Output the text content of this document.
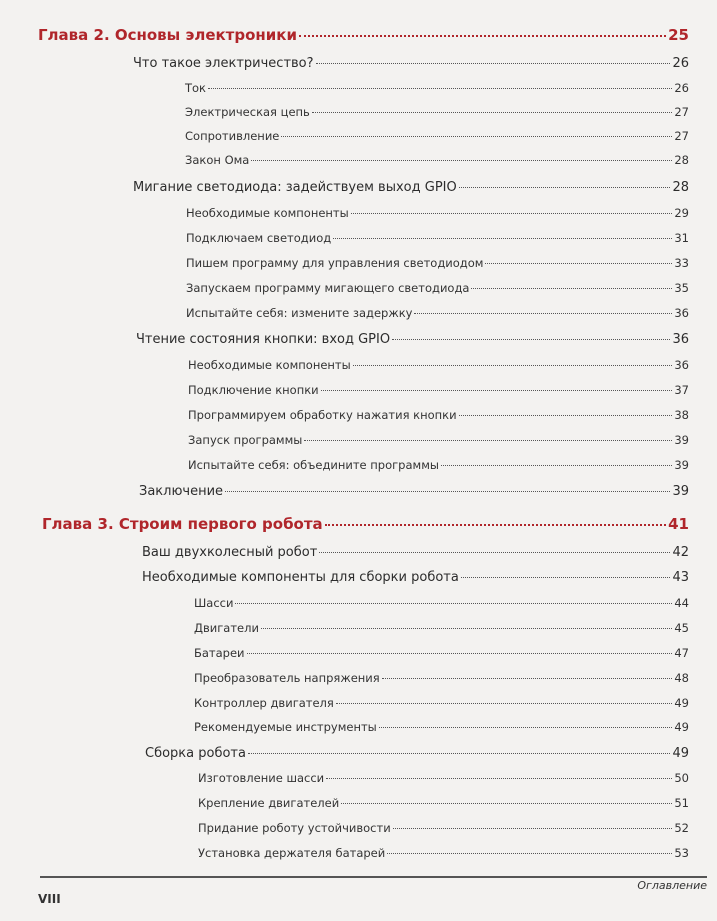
Глава 2. Основы электроники	25
Что такое электричество?	26
Ток	26
Электрическая цепь	27
Сопротивление	27
Закон Ома	28
Мигание светодиода: задействуем выход GPIO	28
Необходимые компоненты	29
Подключаем светодиод	31
Пишем программу для управления светодиодом	33
Запускаем программу мигающего светодиода	35
Испытайте себя: измените задержку	36
Чтение состояния кнопки: вход GPIO	36
Необходимые компоненты	36
Подключение кнопки	37
Программируем обработку нажатия кнопки	38
Запуск программы	39
Испытайте себя: объедините программы	39
Заключение	39
Глава 3. Строим первого робота	41
Ваш двухколесный робот	42
Необходимые компоненты для сборки робота	43
Шасси	44
Двигатели	45
Батареи	47
Преобразователь напряжения	48
Контроллер двигателя	49
Рекомендуемые инструменты	49
Сборка робота	49
Изготовление шасси	50
Крепление двигателей	51
Придание роботу устойчивости	52
Установка держателя батарей	53
VIII
Оглавление
